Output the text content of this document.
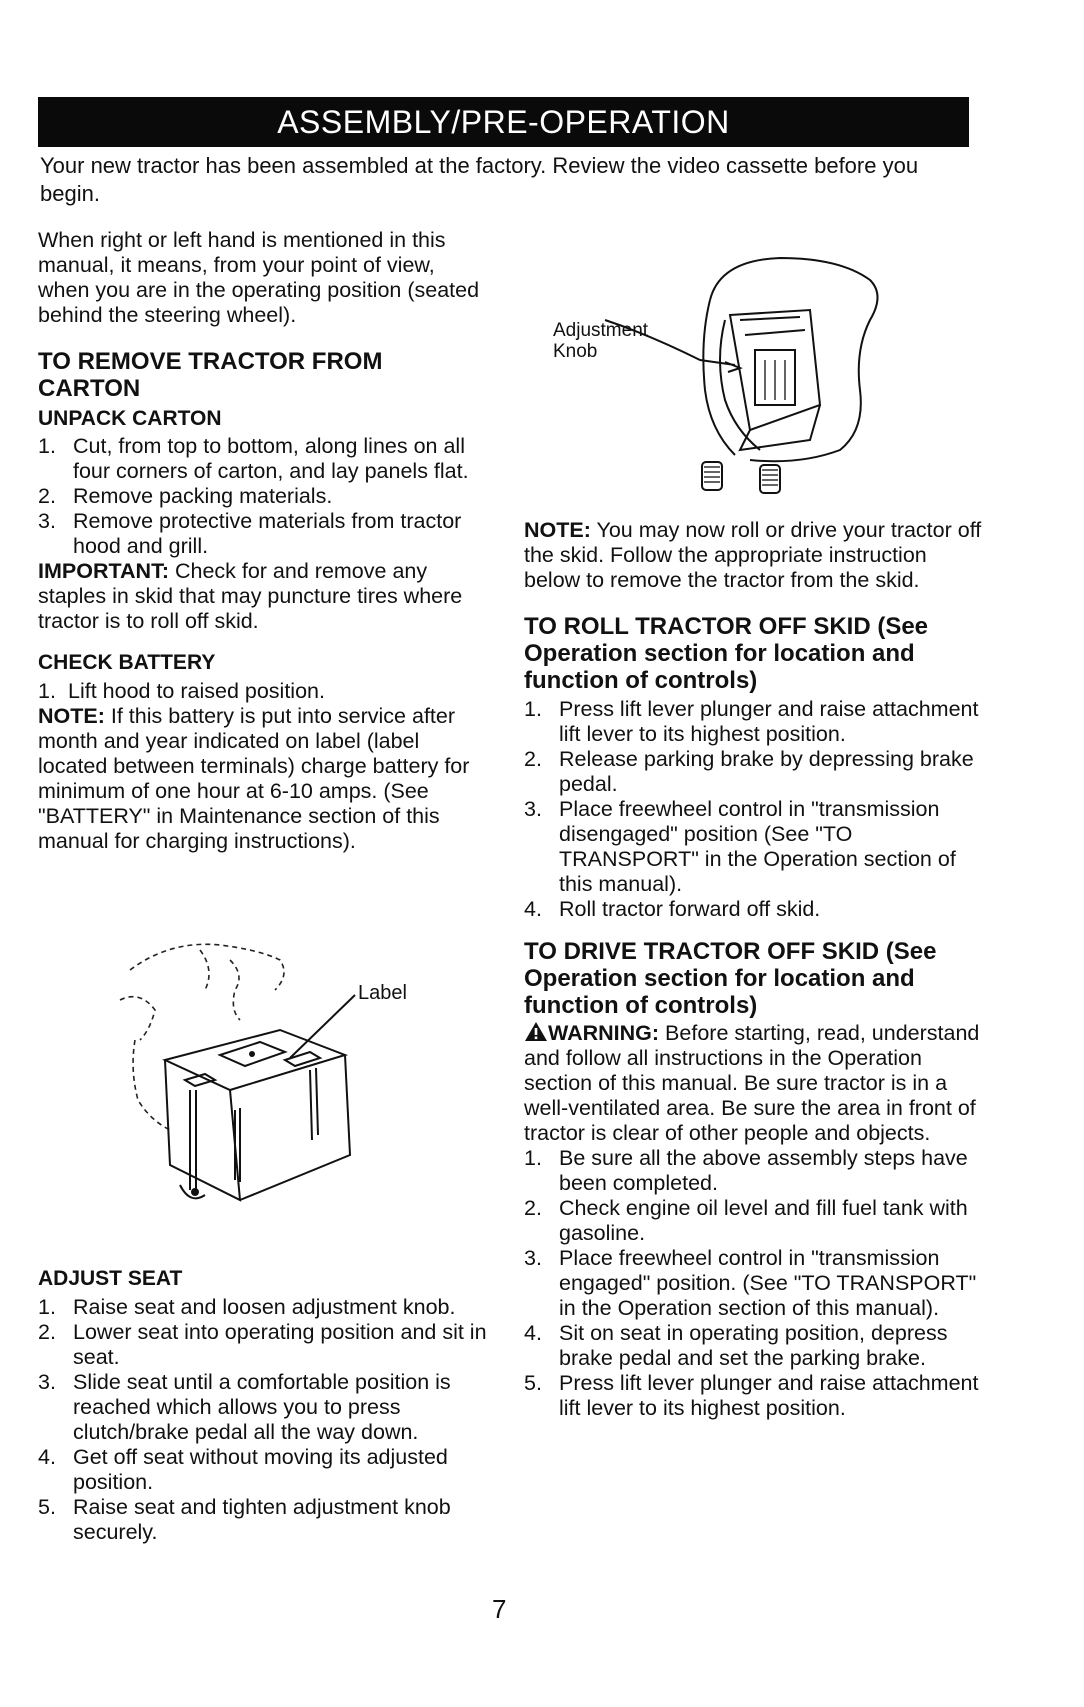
ASSEMBLY/PRE-OPERATION

Your new tractor has been assembled at the factory. Review the video cassette before you begin.

When right or left hand is mentioned in this manual, it means, from your point of view, when you are in the operating position (seated behind the steering wheel).

TO REMOVE TRACTOR FROM CARTON
UNPACK CARTON
1. Cut, from top to bottom, along lines on all four corners of carton, and lay panels flat.
2. Remove packing materials.
3. Remove protective materials from tractor hood and grill.

IMPORTANT: Check for and remove any staples in skid that may puncture tires where tractor is to roll off skid.

CHECK BATTERY
1. Lift hood to raised position.

NOTE: If this battery is put into service after month and year indicated on label (label located between terminals) charge battery for minimum of one hour at 6-10 amps. (See "BATTERY" in Maintenance section of this manual for charging instructions).

Label
ADJUST SEAT
1. Raise seat and loosen adjustment knob.
2. Lower seat into operating position and sit in seat.
3. Slide seat until a comfortable position is reached which allows you to press clutch/brake pedal all the way down.
4. Get off seat without moving its adjusted position.
5. Raise seat and tighten adjustment knob securely.
Adjustment Knob

NOTE: You may now roll or drive your tractor off the skid. Follow the appropriate instruction below to remove the tractor from the skid.

TO ROLL TRACTOR OFF SKID (See Operation section for location and function of controls)
1. Press lift lever plunger and raise attachment lift lever to its highest position.
2. Release parking brake by depressing brake pedal.
3. Place freewheel control in "transmission disengaged" position (See "TO TRANSPORT" in the Operation section of this manual).
4. Roll tractor forward off skid.
TO DRIVE TRACTOR OFF SKID (See Operation section for location and function of controls)

WARNING: Before starting, read, understand and follow all instructions in the Operation section of this manual. Be sure tractor is in a well-ventilated area. Be sure the area in front of tractor is clear of other people and objects.

1. Be sure all the above assembly steps have been completed.
2. Check engine oil level and fill fuel tank with gasoline.
3. Place freewheel control in "transmission engaged" position. (See "TO TRANSPORT" in the Operation section of this manual).
4. Sit on seat in operating position, depress brake pedal and set the parking brake.
5. Press lift lever plunger and raise attachment lift lever to its highest position.
7
